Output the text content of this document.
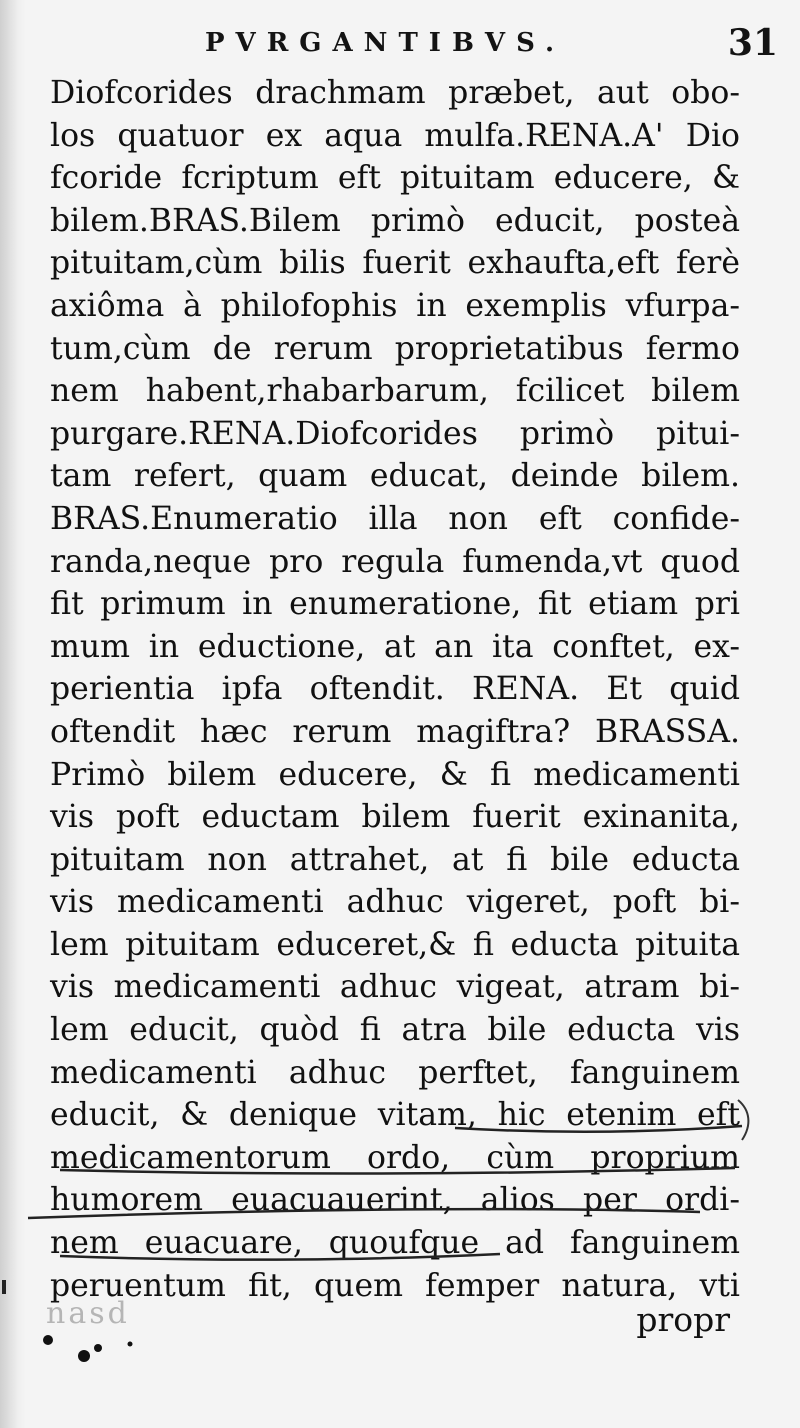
PVRGANTIBVS.	31
Diofcorides drachmam præbet, aut obo-
los quatuor ex aqua mulfa.RENA.A' Dio
fcoride fcriptum eft pituitam educere, &
bilem.BRAS.Bilem primò educit, posteà
pituitam,cùm bilis fuerit exhaufta,eft ferè
axiôma à philofophis in exemplis vfurpa-
tum,cùm de rerum proprietatibus fermo
nem habent,rhabarbarum, fcilicet bilem
purgare.RENA.Diofcorides primò pitui-
tam refert, quam educat, deinde bilem.
BRAS.Enumeratio illa non eft confide-
randa,neque pro regula fumenda,vt quod
fit primum in enumeratione, fit etiam pri
mum in eductione, at an ita conftet, ex-
perientia ipfa oftendit. RENA. Et quid
oftendit hæc rerum magiftra? BRASSA.
Primò bilem educere, & fi medicamenti
vis poft eductam bilem fuerit exinanita,
pituitam non attrahet, at fi bile educta
vis medicamenti adhuc vigeret, poft bi-
lem pituitam educeret,& fi educta pituita
vis medicamenti adhuc vigeat, atram bi-
lem educit, quòd fi atra bile educta vis
medicamenti adhuc perftet, fanguinem
educit, & denique vitam, hic etenim eft
medicamentorum ordo, cùm proprium
humorem euacuauerint, alios per ordi-
nem euacuare, quoufque ad fanguinem
peruentum fit, quem femper natura, vti
nasd	propr
